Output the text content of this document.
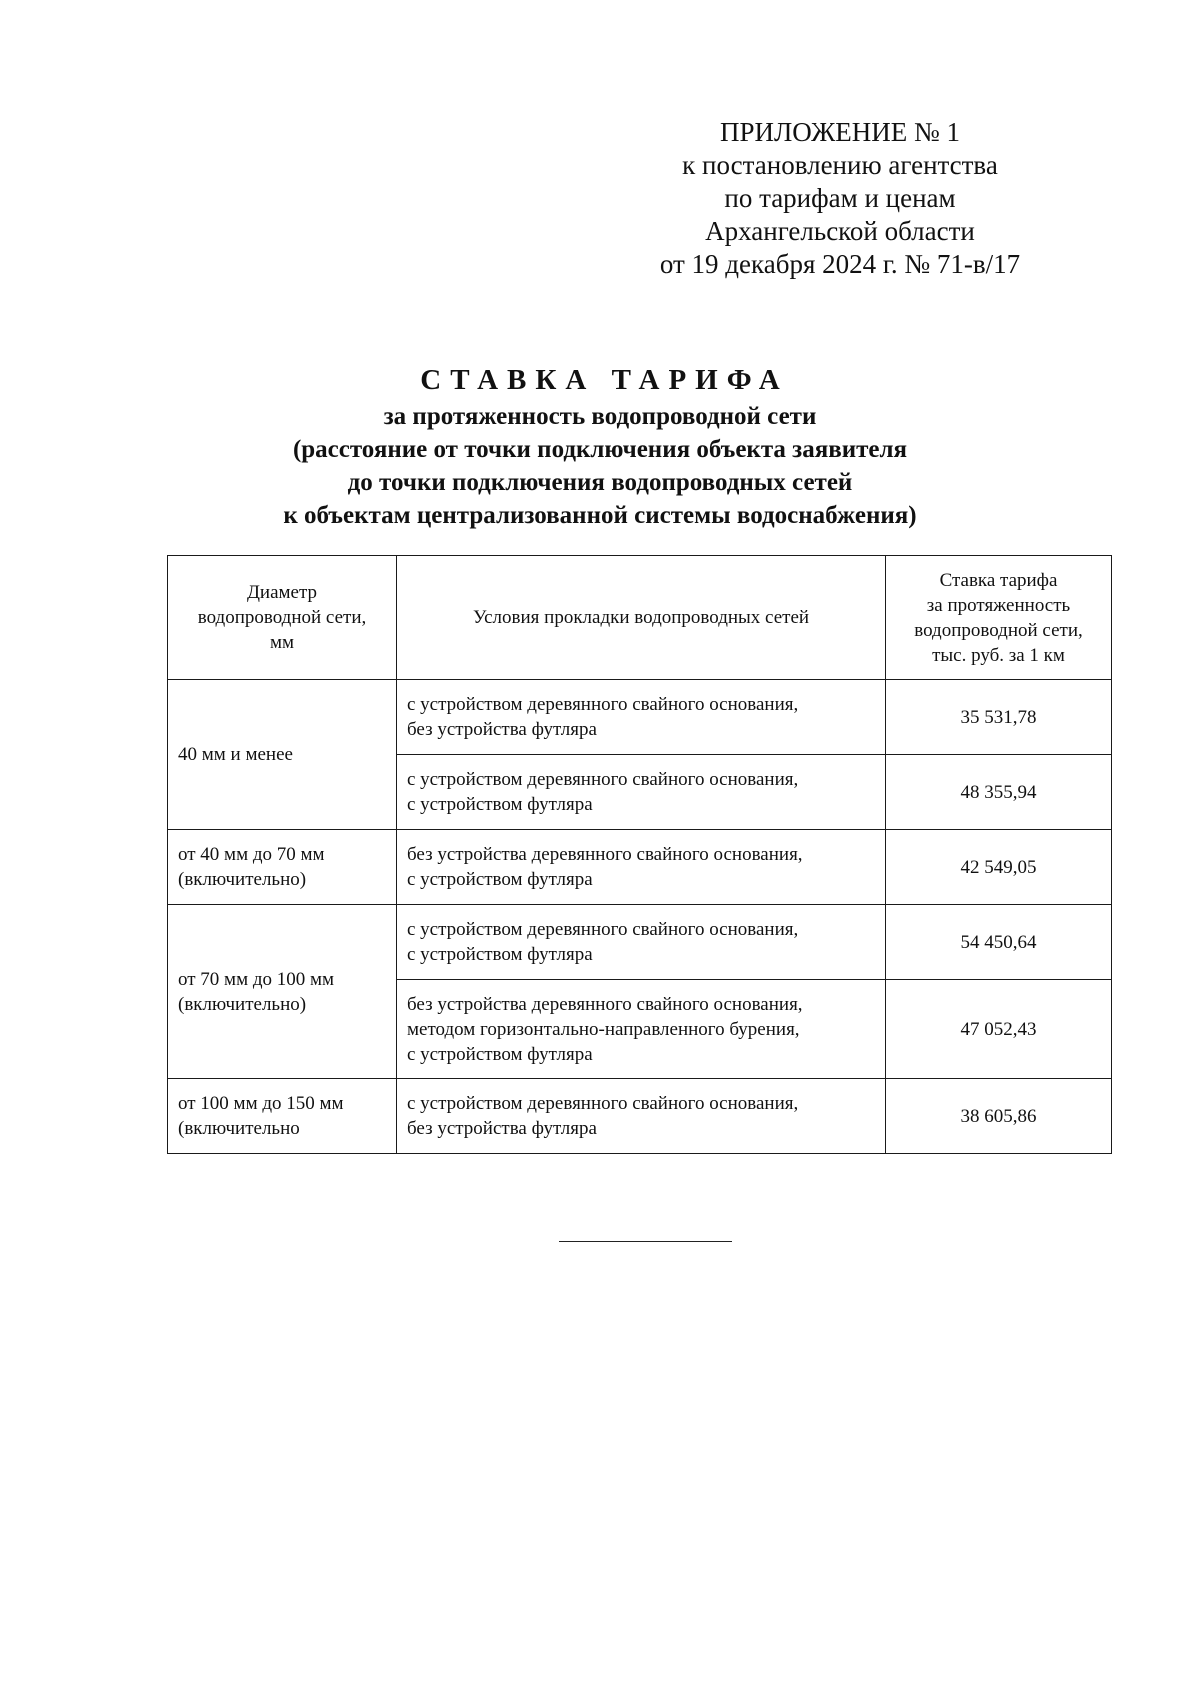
ПРИЛОЖЕНИЕ № 1
к постановлению агентства
по тарифам и ценам
Архангельской области
от 19 декабря 2024 г. № 71-в/17
СТАВКА ТАРИФА
за протяженность водопроводной сети
(расстояние от точки подключения объекта заявителя
до точки подключения водопроводных сетей
к объектам централизованной системы водоснабжения)
Диаметр
водопроводной сети,
мм	Условия прокладки водопроводных сетей	Ставка тарифа
за протяженность
водопроводной сети,
тыс. руб. за 1 км

40 мм и менее	с устройством деревянного свайного основания,
без устройства футляра	35 531,78

	с устройством деревянного свайного основания,
с устройством футляра	48 355,94

от 40 мм до 70 мм
(включительно)	без устройства деревянного свайного основания,
с устройством футляра	42 549,05

от 70 мм до 100 мм
(включительно)	с устройством деревянного свайного основания,
с устройством футляра	54 450,64

	без устройства деревянного свайного основания,
методом горизонтально-направленного бурения,
с устройством футляра	47 052,43

от 100 мм до 150 мм
(включительно	с устройством деревянного свайного основания,
без устройства футляра	38 605,86
